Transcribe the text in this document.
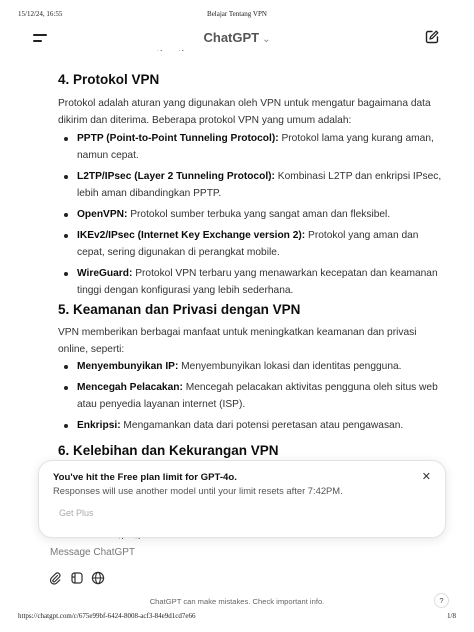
15/12/24, 16:55	Belajar Tentang VPN
ChatGPT ⌄
4. Protokol VPN

Protokol adalah aturan yang digunakan oleh VPN untuk mengatur bagaimana data dikirim dan diterima. Beberapa protokol VPN yang umum adalah:

PPTP (Point-to-Point Tunneling Protocol): Protokol lama yang kurang aman, namun cepat.
L2TP/IPsec (Layer 2 Tunneling Protocol): Kombinasi L2TP dan enkripsi IPsec, lebih aman dibandingkan PPTP.
OpenVPN: Protokol sumber terbuka yang sangat aman dan fleksibel.
IKEv2/IPsec (Internet Key Exchange version 2): Protokol yang aman dan cepat, sering digunakan di perangkat mobile.
WireGuard: Protokol VPN terbaru yang menawarkan kecepatan dan keamanan tinggi dengan konfigurasi yang lebih sederhana.
5. Keamanan dan Privasi dengan VPN

VPN memberikan berbagai manfaat untuk meningkatkan keamanan dan privasi online, seperti:

Menyembunyikan IP: Menyembunyikan lokasi dan identitas pengguna.
Mencegah Pelacakan: Mencegah pelacakan aktivitas pengguna oleh situs web atau penyedia layanan internet (ISP).
Enkripsi: Mengamankan data dari potensi peretasan atau pengawasan.
6. Kelebihan dan Kekurangan VPN
You've hit the Free plan limit for GPT-4o.
Responses will use another model until your limit resets after 7:42PM.
✕
Get Plus
Message ChatGPT
ChatGPT can make mistakes. Check important info.	?
https://chatgpt.com/c/675e99bf-6424-8008-acf3-84e9d1cd7e66	1/8
